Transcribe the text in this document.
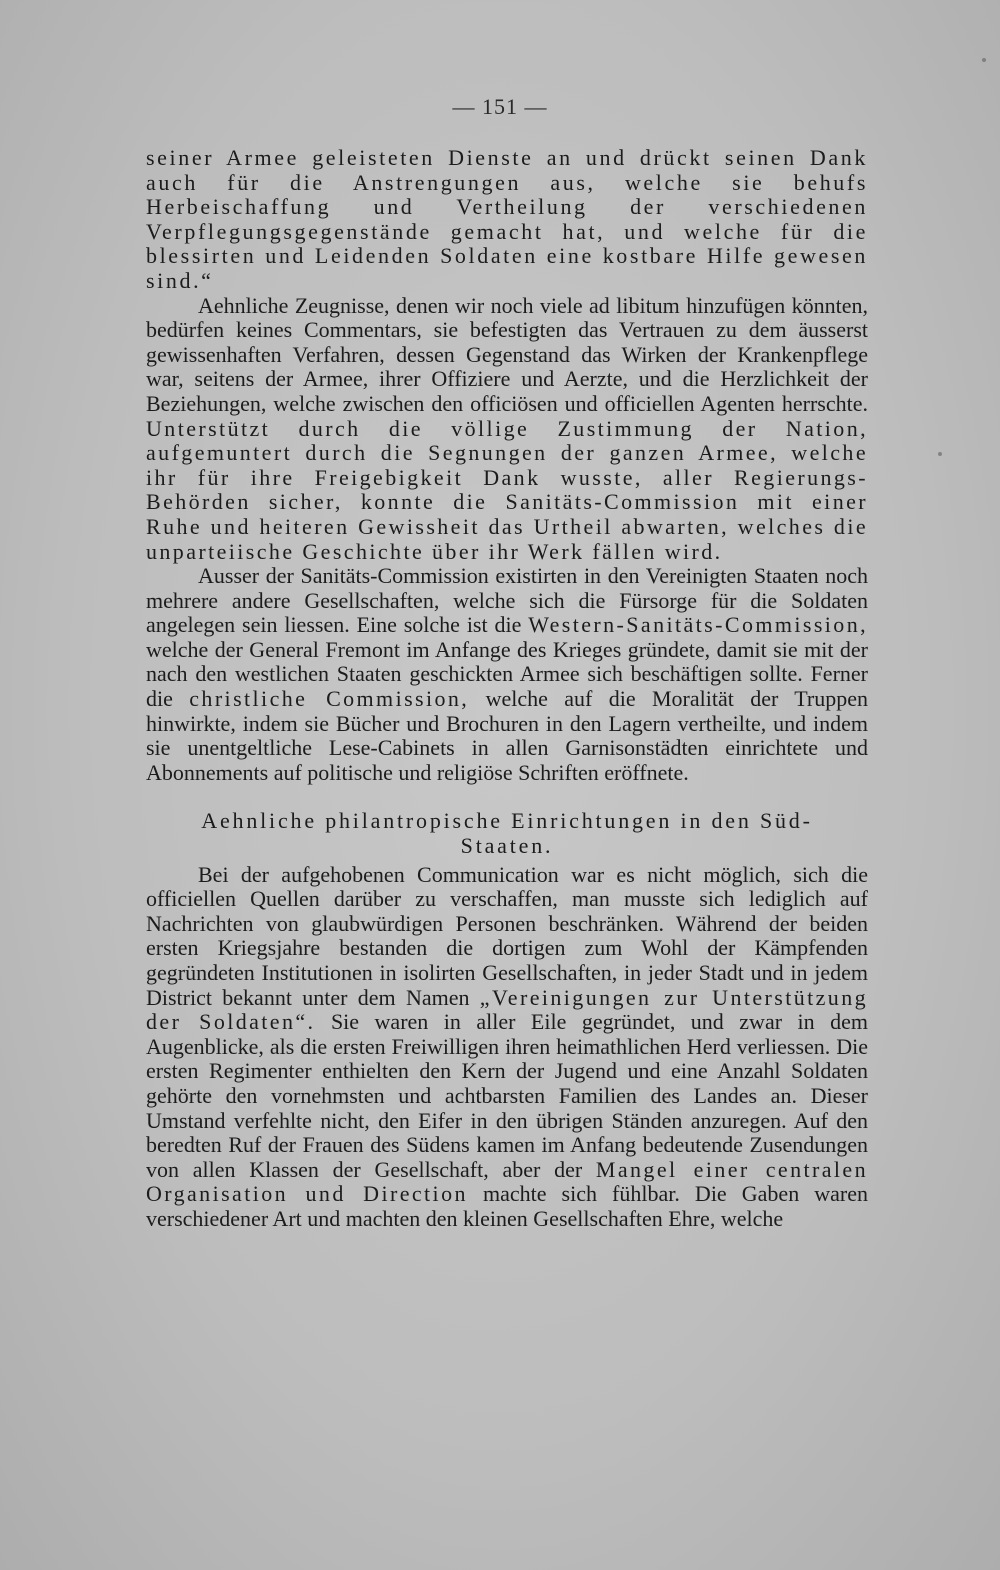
— 151 —

seiner Armee geleisteten Dienste an und drückt seinen Dank auch für die Anstrengungen aus, welche sie behufs Herbeischaffung und Vertheilung der verschiedenen Verpflegungsgegenstände gemacht hat, und welche für die blessirten und Leidenden Soldaten eine kostbare Hilfe gewesen sind.“

Aehnliche Zeugnisse, denen wir noch viele ad libitum hinzufügen könnten, bedürfen keines Commentars, sie befestigten das Vertrauen zu dem äusserst gewissenhaften Verfahren, dessen Gegenstand das Wirken der Krankenpflege war, seitens der Armee, ihrer Offiziere und Aerzte, und die Herzlichkeit der Beziehungen, welche zwischen den officiösen und officiellen Agenten herrschte. Unterstützt durch die völlige Zustimmung der Nation, aufgemuntert durch die Segnungen der ganzen Armee, welche ihr für ihre Freigebigkeit Dank wusste, aller Regierungs-Behörden sicher, konnte die Sanitäts-Commission mit einer Ruhe und heiteren Gewissheit das Urtheil abwarten, welches die unparteiische Geschichte über ihr Werk fällen wird.

Ausser der Sanitäts-Commission existirten in den Vereinigten Staaten noch mehrere andere Gesellschaften, welche sich die Fürsorge für die Soldaten angelegen sein liessen. Eine solche ist die Western-Sanitäts-Commission, welche der General Fremont im Anfange des Krieges gründete, damit sie mit der nach den westlichen Staaten geschickten Armee sich beschäftigen sollte. Ferner die christliche Commission, welche auf die Moralität der Truppen hinwirkte, indem sie Bücher und Brochuren in den Lagern vertheilte, und indem sie unentgeltliche Lese-Cabinets in allen Garnisonstädten einrichtete und Abonnements auf politische und religiöse Schriften eröffnete.

Aehnliche philantropische Einrichtungen in den Süd-
Staaten.

Bei der aufgehobenen Communication war es nicht möglich, sich die officiellen Quellen darüber zu verschaffen, man musste sich lediglich auf Nachrichten von glaubwürdigen Personen beschränken. Während der beiden ersten Kriegsjahre bestanden die dortigen zum Wohl der Kämpfenden gegründeten Institutionen in isolirten Gesellschaften, in jeder Stadt und in jedem District bekannt unter dem Namen „Vereinigungen zur Unterstützung der Soldaten“. Sie waren in aller Eile gegründet, und zwar in dem Augenblicke, als die ersten Freiwilligen ihren heimathlichen Herd verliessen. Die ersten Regimenter enthielten den Kern der Jugend und eine Anzahl Soldaten gehörte den vornehmsten und achtbarsten Familien des Landes an. Dieser Umstand verfehlte nicht, den Eifer in den übrigen Ständen anzuregen. Auf den beredten Ruf der Frauen des Südens kamen im Anfang bedeutende Zusendungen von allen Klassen der Gesellschaft, aber der Mangel einer centralen Organisation und Direction machte sich fühlbar. Die Gaben waren verschiedener Art und machten den kleinen Gesellschaften Ehre, welche
